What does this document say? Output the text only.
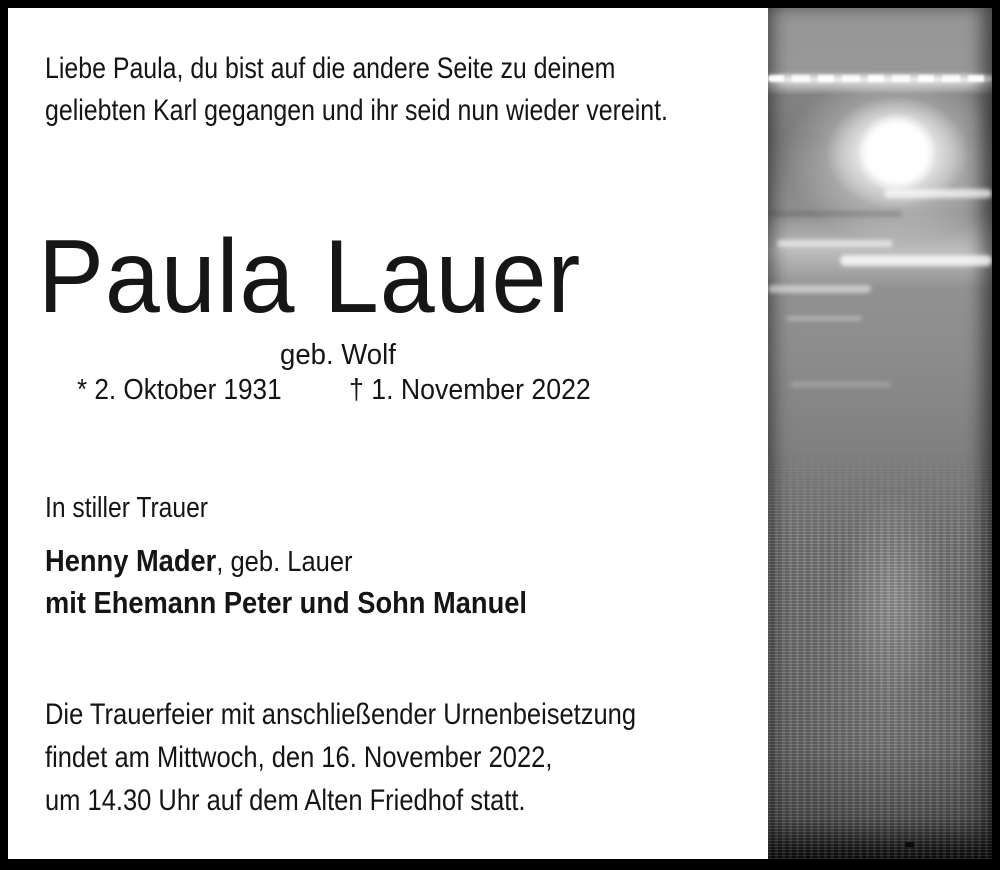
Liebe Paula, du bist auf die andere Seite zu deinem
geliebten Karl gegangen und ihr seid nun wieder vereint.
Paula Lauer
geb. Wolf
* 2. Oktober 1931 † 1. November 2022
In stiller Trauer
Henny Mader, geb. Lauer
mit Ehemann Peter und Sohn Manuel
Die Trauerfeier mit anschließender Urnenbeisetzung
findet am Mittwoch, den 16. November 2022,
um 14.30 Uhr auf dem Alten Friedhof statt.
